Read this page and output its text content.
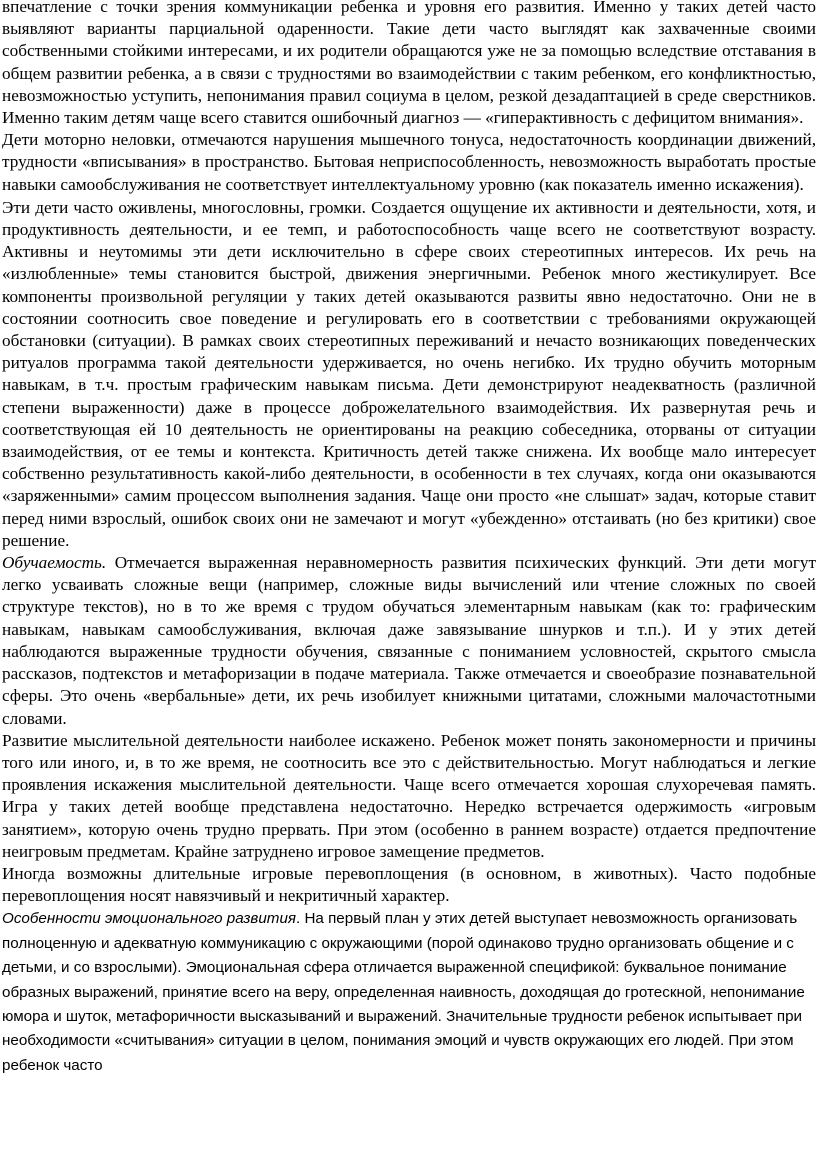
впечатление с точки зрения коммуникации ребенка и уровня его развития. Именно у таких детей часто выявляют варианты парциальной одаренности. Такие дети часто выглядят как захваченные своими собственными стойкими интересами, и их родители обращаются уже не за помощью вследствие отставания в общем развитии ребенка, а в связи с трудностями во взаимодействии с таким ребенком, его конфликтностью, невозможностью уступить, непонимания правил социума в целом, резкой дезадаптацией в среде сверстников. Именно таким детям чаще всего ставится ошибочный диагноз — «гиперактивность с дефицитом внимания».

Дети моторно неловки, отмечаются нарушения мышечного тонуса, недостаточность координации движений, трудности «вписывания» в пространство. Бытовая неприспособленность, невозможность выработать простые навыки самообслуживания не соответствует интеллектуальному уровню (как показатель именно искажения).

Эти дети часто оживлены, многословны, громки. Создается ощущение их активности и деятельности, хотя, и продуктивность деятельности, и ее темп, и работоспособность чаще всего не соответствуют возрасту. Активны и неутомимы эти дети исключительно в сфере своих стереотипных интересов. Их речь на «излюбленные» темы становится быстрой, движения энергичными. Ребенок много жестикулирует. Все компоненты произвольной регуляции у таких детей оказываются развиты явно недостаточно. Они не в состоянии соотносить свое поведение и регулировать его в соответствии с требованиями окружающей обстановки (ситуации). В рамках своих стереотипных переживаний и нечасто возникающих поведенческих ритуалов программа такой деятельности удерживается, но очень негибко. Их трудно обучить моторным навыкам, в т.ч. простым графическим навыкам письма. Дети демонстрируют неадекватность (различной степени выраженности) даже в процессе доброжелательного взаимодействия. Их развернутая речь и соответствующая ей 10 деятельность не ориентированы на реакцию собеседника, оторваны от ситуации взаимодействия, от ее темы и контекста. Критичность детей также снижена. Их вообще мало интересует собственно результативность какой-либо деятельности, в особенности в тех случаях, когда они оказываются «заряженными» самим процессом выполнения задания. Чаще они просто «не слышат» задач, которые ставит перед ними взрослый, ошибок своих они не замечают и могут «убежденно» отстаивать (но без критики) свое решение.

Обучаемость. Отмечается выраженная неравномерность развития психических функций. Эти дети могут легко усваивать сложные вещи (например, сложные виды вычислений или чтение сложных по своей структуре текстов), но в то же время с трудом обучаться элементарным навыкам (как то: графическим навыкам, навыкам самообслуживания, включая даже завязывание шнурков и т.п.). И у этих детей наблюдаются выраженные трудности обучения, связанные с пониманием условностей, скрытого смысла рассказов, подтекстов и метафоризации в подаче материала. Также отмечается и своеобразие познавательной сферы. Это очень «вербальные» дети, их речь изобилует книжными цитатами, сложными малочастотными словами.

Развитие мыслительной деятельности наиболее искажено. Ребенок может понять закономерности и причины того или иного, и, в то же время, не соотносить все это с действительностью. Могут наблюдаться и легкие проявления искажения мыслительной деятельности. Чаще всего отмечается хорошая слухоречевая память. Игра у таких детей вообще представлена недостаточно. Нередко встречается одержимость «игровым занятием», которую очень трудно прервать. При этом (особенно в раннем возрасте) отдается предпочтение неигровым предметам. Крайне затруднено игровое замещение предметов.

Иногда возможны длительные игровые перевоплощения (в основном, в животных). Часто подобные перевоплощения носят навязчивый и некритичный характер.

Особенности эмоционального развития. На первый план у этих детей выступает невозможность организовать полноценную и адекватную коммуникацию с окружающими (порой одинаково трудно организовать общение и с детьми, и со взрослыми). Эмоциональная сфера отличается выраженной спецификой: буквальное понимание образных выражений, принятие всего на веру, определенная наивность, доходящая до гротескной, непонимание юмора и шуток, метафоричности высказываний и выражений. Значительные трудности ребенок испытывает при необходимости «считывания» ситуации в целом, понимания эмоций и чувств окружающих его людей. При этом ребенок часто
